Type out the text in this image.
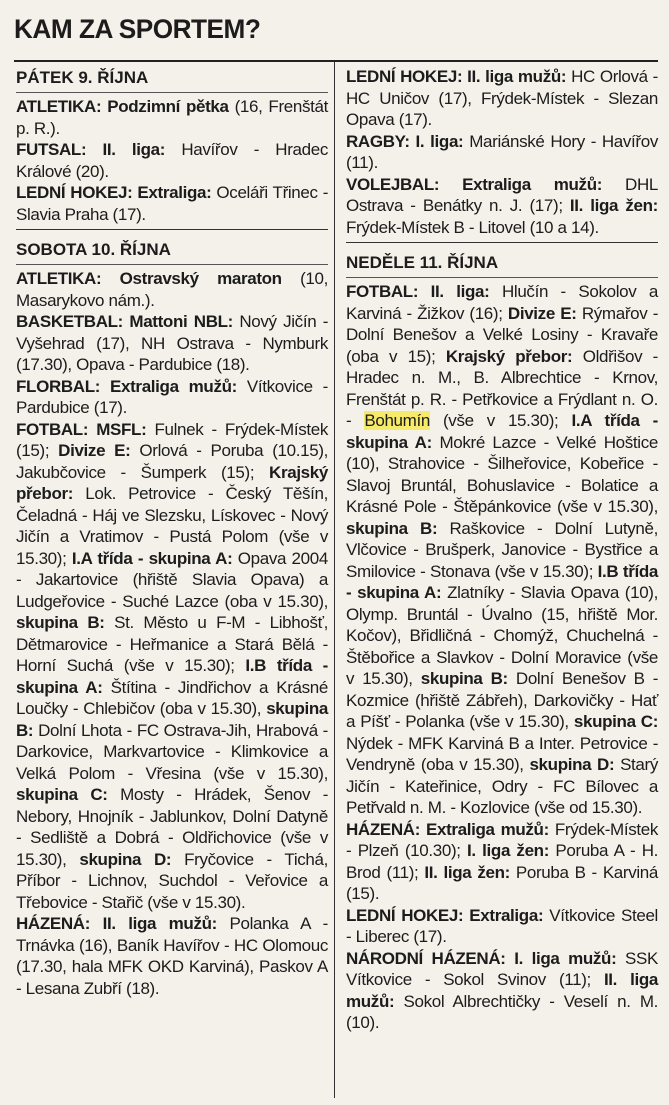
KAM ZA SPORTEM?
PÁTEK 9. ŘÍJNA

ATLETIKA: Podzimní pětka (16, Frenštát p. R.).

FUTSAL: II. liga: Havířov - Hradec Králové (20).

LEDNÍ HOKEJ: Extraliga: Oceláři Třinec - Slavia Praha (17).

SOBOTA 10. ŘÍJNA

ATLETIKA: Ostravský maraton (10, Masarykovo nám.).

BASKETBAL: Mattoni NBL: Nový Jičín - Vyšehrad (17), NH Ostrava - Nymburk (17.30), Opava - Pardubice (18).

FLORBAL: Extraliga mužů: Vítkovice - Pardubice (17).

FOTBAL: MSFL: Fulnek - Frýdek-Místek (15); Divize E: Orlová - Poruba (10.15), Jakubčovice - Šumperk (15); Krajský přebor: Lok. Petrovice - Český Těšín, Čeladná - Háj ve Slezsku, Lískovec - Nový Jičín a Vratimov - Pustá Polom (vše v 15.30); I.A třída - skupina A: Opava 2004 - Jakartovice (hřiště Slavia Opava) a Ludgeřovice - Suché Lazce (oba v 15.30), skupina B: St. Město u F-M - Libhošť, Dětmarovice - Heřmanice a Stará Bělá - Horní Suchá (vše v 15.30); I.B třída - skupina A: Štítina - Jindřichov a Krásné Loučky - Chlebičov (oba v 15.30), skupina B: Dolní Lhota - FC Ostrava-Jih, Hrabová - Darkovice, Markvartovice - Klimkovice a Velká Polom - Vřesina (vše v 15.30), skupina C: Mosty - Hrádek, Šenov - Nebory, Hnojník - Jablunkov, Dolní Datyně - Sedliště a Dobrá - Oldřichovice (vše v 15.30), skupina D: Fryčovice - Tichá, Příbor - Lichnov, Suchdol - Veřovice a Třebovice - Stařič (vše v 15.30).

HÁZENÁ: II. liga mužů: Polanka A - Trnávka (16), Baník Havířov - HC Olomouc (17.30, hala MFK OKD Karviná), Paskov A - Lesana Zubří (18).

LEDNÍ HOKEJ: II. liga mužů: HC Orlová - HC Uničov (17), Frýdek-Místek - Slezan Opava (17).

RAGBY: I. liga: Mariánské Hory - Havířov (11).

VOLEJBAL: Extraliga mužů: DHL Ostrava - Benátky n. J. (17); II. liga žen: Frýdek-Místek B - Litovel (10 a 14).

NEDĚLE 11. ŘÍJNA

FOTBAL: II. liga: Hlučín - Sokolov a Karviná - Žižkov (16); Divize E: Rýmařov - Dolní Benešov a Velké Losiny - Kravaře (oba v 15); Krajský přebor: Oldřišov - Hradec n. M., B. Albrechtice - Krnov, Frenštát p. R. - Petřkovice a Frýdlant n. O. - Bohumín (vše v 15.30); I.A třída - skupina A: Mokré Lazce - Velké Hoštice (10), Strahovice - Šilheřovice, Kobeřice - Slavoj Bruntál, Bohuslavice - Bolatice a Krásné Pole - Štěpánkovice (vše v 15.30), skupina B: Raškovice - Dolní Lutyně, Vlčovice - Brušperk, Janovice - Bystřice a Smilovice - Stonava (vše v 15.30); I.B třída - skupina A: Zlatníky - Slavia Opava (10), Olymp. Bruntál - Úvalno (15, hřiště Mor. Kočov), Břidličná - Chomýž, Chuchelná - Štěbořice a Slavkov - Dolní Moravice (vše v 15.30), skupina B: Dolní Benešov B - Kozmice (hřiště Zábřeh), Darkovičky - Hať a Píšť - Polanka (vše v 15.30), skupina C: Nýdek - MFK Karviná B a Inter. Petrovice - Vendryně (oba v 15.30), skupina D: Starý Jičín - Kateřinice, Odry - FC Bílovec a Petřvald n. M. - Kozlovice (vše od 15.30).

HÁZENÁ: Extraliga mužů: Frýdek-Místek - Plzeň (10.30); I. liga žen: Poruba A - H. Brod (11); II. liga žen: Poruba B - Karviná (15).

LEDNÍ HOKEJ: Extraliga: Vítkovice Steel - Liberec (17).

NÁRODNÍ HÁZENÁ: I. liga mužů: SSK Vítkovice - Sokol Svinov (11); II. liga mužů: Sokol Albrechtičky - Veselí n. M. (10).
